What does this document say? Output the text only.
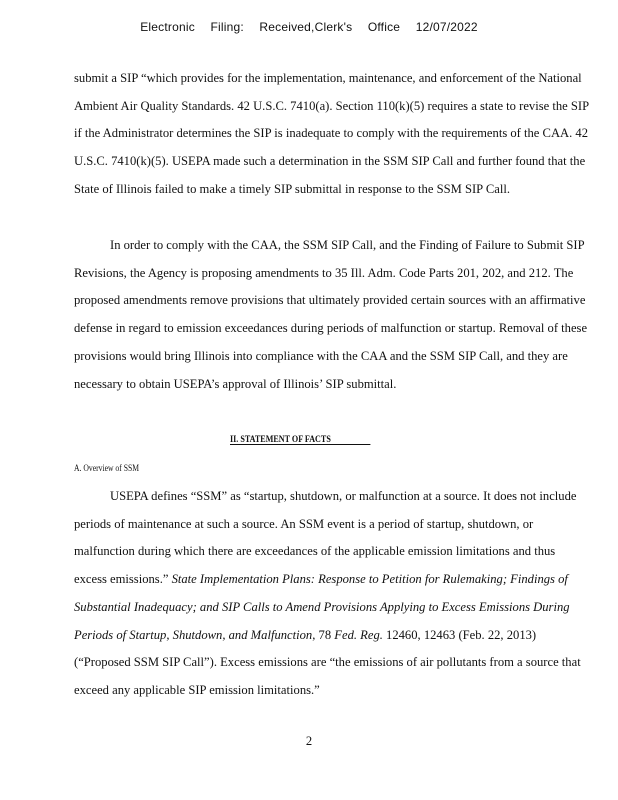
Electronic Filing: Received,Clerk's Office 12/07/2022
submit a SIP “which provides for the implementation, maintenance, and enforcement of the National Ambient Air Quality Standards. 42 U.S.C. 7410(a). Section 110(k)(5) requires a state to revise the SIP if the Administrator determines the SIP is inadequate to comply with the requirements of the CAA. 42 U.S.C. 7410(k)(5). USEPA made such a determination in the SSM SIP Call and further found that the State of Illinois failed to make a timely SIP submittal in response to the SSM SIP Call.
In order to comply with the CAA, the SSM SIP Call, and the Finding of Failure to Submit SIP Revisions, the Agency is proposing amendments to 35 Ill. Adm. Code Parts 201, 202, and 212. The proposed amendments remove provisions that ultimately provided certain sources with an affirmative defense in regard to emission exceedances during periods of malfunction or startup. Removal of these provisions would bring Illinois into compliance with the CAA and the SSM SIP Call, and they are necessary to obtain USEPA’s approval of Illinois’ SIP submittal.
II. STATEMENT OF FACTS
A. Overview of SSM
USEPA defines “SSM” as “startup, shutdown, or malfunction at a source. It does not include periods of maintenance at such a source. An SSM event is a period of startup, shutdown, or malfunction during which there are exceedances of the applicable emission limitations and thus excess emissions.” State Implementation Plans: Response to Petition for Rulemaking; Findings of Substantial Inadequacy; and SIP Calls to Amend Provisions Applying to Excess Emissions During Periods of Startup, Shutdown, and Malfunction, 78 Fed. Reg. 12460, 12463 (Feb. 22, 2013) (“Proposed SSM SIP Call”). Excess emissions are “the emissions of air pollutants from a source that exceed any applicable SIP emission limitations.”
2
